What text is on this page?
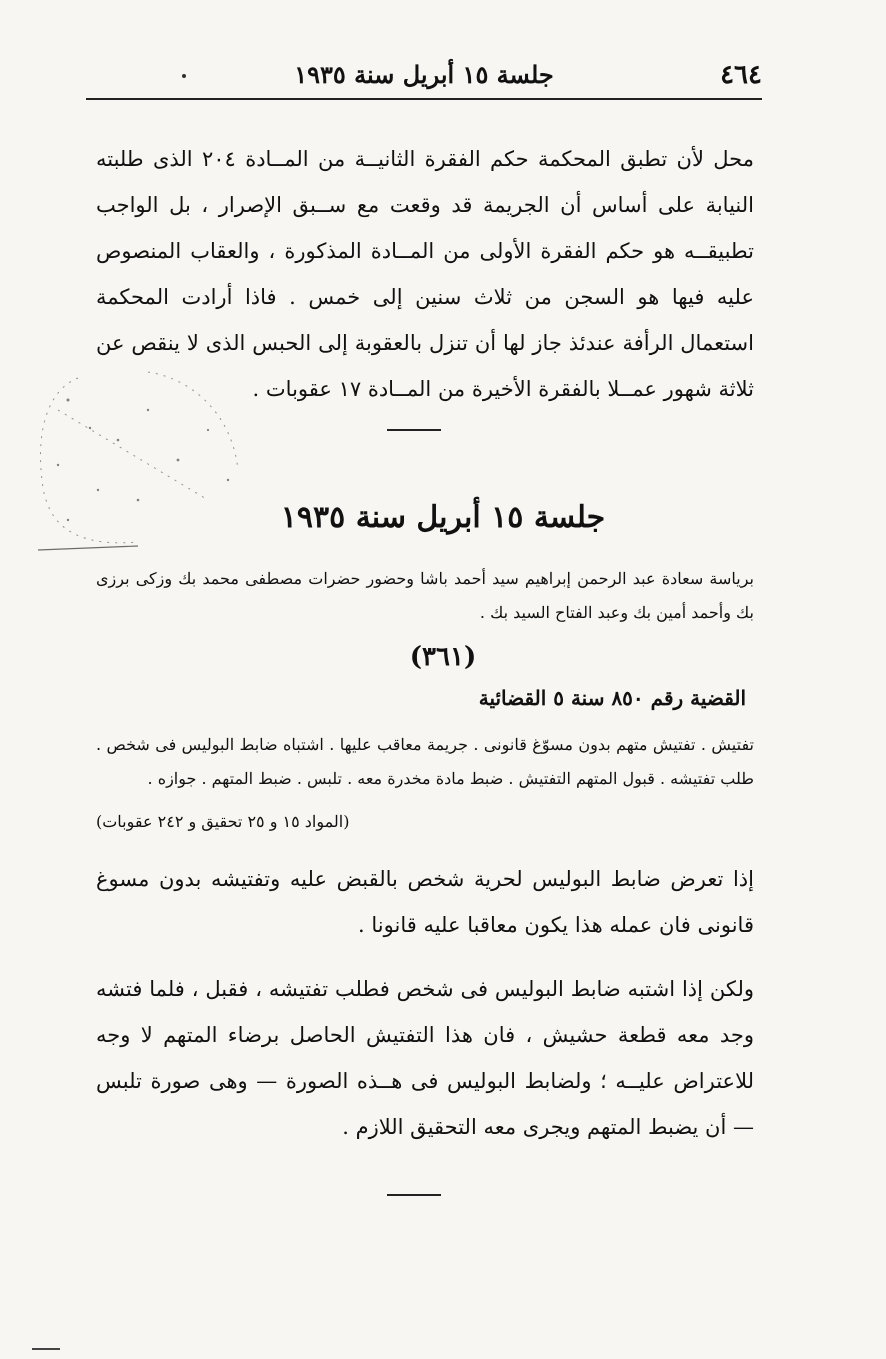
٤٦٤
جلسة ١٥ أبريل سنة ١٩٣٥
محل لأن تطبق المحكمة حكم الفقرة الثانيــة من المــادة ٢٠٤ الذى طلبته النيابة على أساس أن الجريمة قد وقعت مع ســبق الإصرار ، بل الواجب تطبيقــه هو حكم الفقرة الأولى من المــادة المذكورة ، والعقاب المنصوص عليه فيها هو السجن من ثلاث سنين إلى خمس . فاذا أرادت المحكمة استعمال الرأفة عندئذ جاز لها أن تنزل بالعقوبة إلى الحبس الذى لا ينقص عن ثلاثة شهور عمــلا بالفقرة الأخيرة من المــادة ١٧ عقوبات .
جلسة ١٥ أبريل سنة ١٩٣٥
برياسة سعادة عبد الرحمن إبراهيم سيد أحمد باشا وحضور حضرات مصطفى محمد بك وزكى برزى بك وأحمد أمين بك وعبد الفتاح السيد بك .
(٣٦١)
القضية رقم ٨٥٠ سنة ٥ القضائية
تفتيش . تفتيش متهم بدون مسوّغ قانونى . جريمة معاقب عليها . اشتباه ضابط البوليس فى شخص . طلب تفتيشه . قبول المتهم التفتيش . ضبط مادة مخدرة معه . تلبس . ضبط المتهم . جوازه .
(المواد ١٥ و ٢٥ تحقيق و ٢٤٢ عقوبات)
إذا تعرض ضابط البوليس لحرية شخص بالقبض عليه وتفتيشه بدون مسوغ قانونى فان عمله هذا يكون معاقبا عليه قانونا .
ولكن إذا اشتبه ضابط البوليس فى شخص فطلب تفتيشه ، فقبل ، فلما فتشه وجد معه قطعة حشيش ، فان هذا التفتيش الحاصل برضاء المتهم لا وجه للاعتراض عليــه ؛ ولضابط البوليس فى هــذه الصورة — وهى صورة تلبس — أن يضبط المتهم ويجرى معه التحقيق اللازم .
